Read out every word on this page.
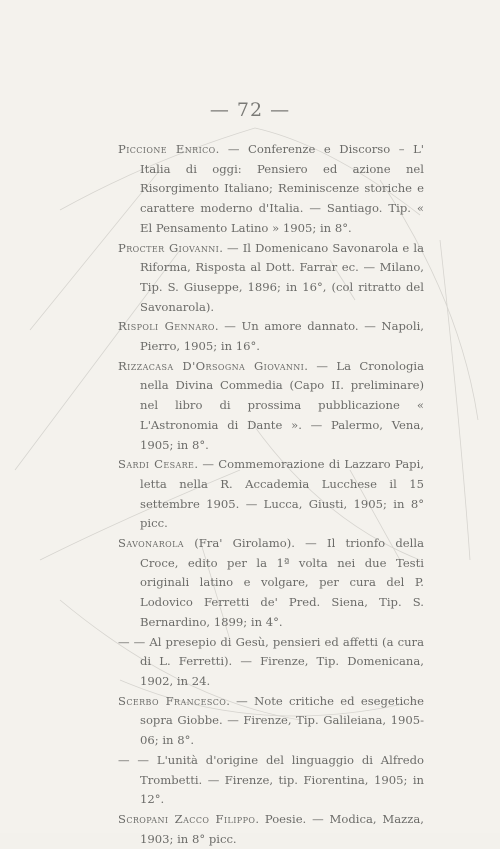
— 72 —

Piccione Enrico. — Conferenze e Discorso – L' Italia di oggi: Pensiero ed azione nel Risorgimento Italiano; Reminiscenze storiche e carattere moderno d'Italia. — Santiago. Tip. « El Pensamento Latino » 1905; in 8°.

Procter Giovanni. — Il Domenicano Savonarola e la Riforma, Risposta al Dott. Farrar ec. — Milano, Tip. S. Giuseppe, 1896; in 16°, (col ritratto del Savonarola).

Rispoli Gennaro. — Un amore dannato. — Napoli, Pierro, 1905; in 16°.

Rizzacasa D'Orsogna Giovanni. — La Cronologia nella Divina Commedia (Capo II. preliminare) nel libro di prossima pubblicazione « L'Astronomia di Dante ». — Palermo, Vena, 1905; in 8°.

Sardi Cesare. — Commemorazione di Lazzaro Papi, letta nella R. Accademia Lucchese il 15 settembre 1905. — Lucca, Giusti, 1905; in 8° picc.

Savonarola (Fra' Girolamo). — Il trionfo della Croce, edito per la 1ª volta nei due Testi originali latino e volgare, per cura del P. Lodovico Ferretti de' Pred. Siena, Tip. S. Bernardino, 1899; in 4°.

— — Al presepio di Gesù, pensieri ed affetti (a cura di L. Ferretti). — Firenze, Tip. Domenicana, 1902, in 24.

Scerbo Francesco. — Note critiche ed esegetiche sopra Giobbe. — Firenze, Tip. Galileiana, 1905-06; in 8°.

— — L'unità d'origine del linguaggio di Alfredo Trombetti. — Firenze, tip. Fiorentina, 1905; in 12°.

Scropani Zacco Filippo. Poesie. — Modica, Mazza, 1903; in 8° picc.
